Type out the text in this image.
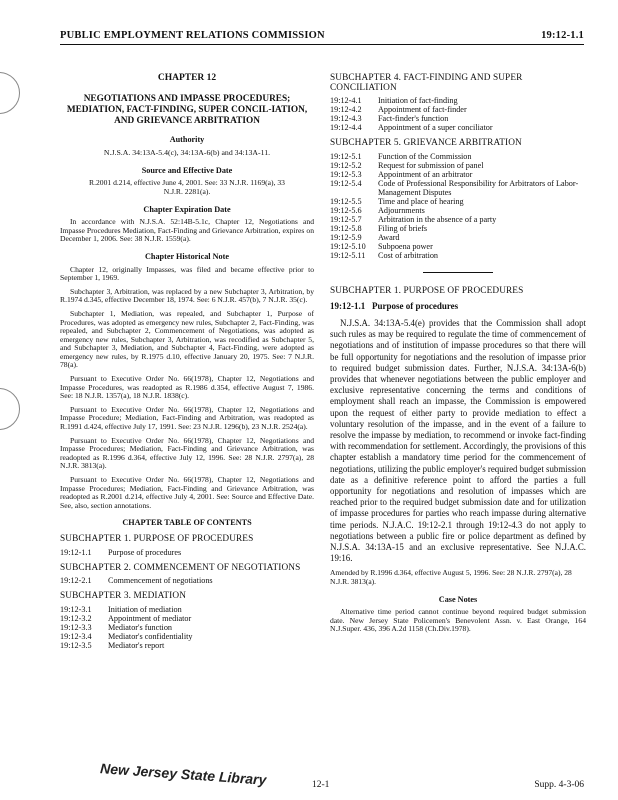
PUBLIC EMPLOYMENT RELATIONS COMMISSION	19:12-1.1
CHAPTER 12
NEGOTIATIONS AND IMPASSE PROCEDURES; MEDIATION, FACT-FINDING, SUPER CONCIL-IATION, AND GRIEVANCE ARBITRATION
Authority
N.J.S.A. 34:13A-5.4(c), 34:13A-6(b) and 34:13A-11.
Source and Effective Date
R.2001 d.214, effective June 4, 2001. See: 33 N.J.R. 1169(a), 33 N.J.R. 2281(a).
Chapter Expiration Date
In accordance with N.J.S.A. 52:14B-5.1c, Chapter 12, Negotiations and Impasse Procedures Mediation, Fact-Finding and Grievance Arbitration, expires on December 1, 2006. See: 38 N.J.R. 1559(a).
Chapter Historical Note
Chapter 12, originally Impasses, was filed and became effective prior to September 1, 1969.
Subchapter 3, Arbitration, was replaced by a new Subchapter 3, Arbitration, by R.1974 d.345, effective December 18, 1974. See: 6 N.J.R. 457(b), 7 N.J.R. 35(c).
Subchapter 1, Mediation, was repealed, and Subchapter 1, Purpose of Procedures, was adopted as emergency new rules, Subchapter 2, Fact-Finding, was repealed, and Subchapter 2, Commencement of Negotiations, was adopted as emergency new rules, Subchapter 3, Arbitration, was recodified as Subchapter 5, and Subchapter 3, Mediation, and Subchapter 4, Fact-Finding, were adopted as emergency new rules, by R.1975 d.10, effective January 20, 1975. See: 7 N.J.R. 78(a).
Pursuant to Executive Order No. 66(1978), Chapter 12, Negotiations and Impasse Procedures, was readopted as R.1986 d.354, effective August 7, 1986. See: 18 N.J.R. 1357(a), 18 N.J.R. 1838(c).
Pursuant to Executive Order No. 66(1978), Chapter 12, Negotiations and Impasse Procedure; Mediation, Fact-Finding and Arbitration, was readopted as R.1991 d.424, effective July 17, 1991. See: 23 N.J.R. 1296(b), 23 N.J.R. 2524(a).
Pursuant to Executive Order No. 66(1978), Chapter 12, Negotiations and Impasse Procedures; Mediation, Fact-Finding and Grievance Arbitration, was readopted as R.1996 d.364, effective July 12, 1996. See: 28 N.J.R. 2797(a), 28 N.J.R. 3813(a).
Pursuant to Executive Order No. 66(1978), Chapter 12, Negotiations and Impasse Procedures; Mediation, Fact-Finding and Grievance Arbitration, was readopted as R.2001 d.214, effective July 4, 2001. See: Source and Effective Date. See, also, section annotations.
CHAPTER TABLE OF CONTENTS
SUBCHAPTER 1. PURPOSE OF PROCEDURES
19:12-1.1	Purpose of procedures
SUBCHAPTER 2. COMMENCEMENT OF NEGOTIATIONS
19:12-2.1	Commencement of negotiations
SUBCHAPTER 3. MEDIATION
19:12-3.1	Initiation of mediation
19:12-3.2	Appointment of mediator
19:12-3.3	Mediator's function
19:12-3.4	Mediator's confidentiality
19:12-3.5	Mediator's report
SUBCHAPTER 4. FACT-FINDING AND SUPER CONCILIATION
19:12-4.1	Initiation of fact-finding
19:12-4.2	Appointment of fact-finder
19:12-4.3	Fact-finder's function
19:12-4.4	Appointment of a super conciliator
SUBCHAPTER 5. GRIEVANCE ARBITRATION
19:12-5.1	Function of the Commission
19:12-5.2	Request for submission of panel
19:12-5.3	Appointment of an arbitrator
19:12-5.4	Code of Professional Responsibility for Arbitrators of Labor-Management Disputes
19:12-5.5	Time and place of hearing
19:12-5.6	Adjournments
19:12-5.7	Arbitration in the absence of a party
19:12-5.8	Filing of briefs
19:12-5.9	Award
19:12-5.10	Subpoena power
19:12-5.11	Cost of arbitration
SUBCHAPTER 1. PURPOSE OF PROCEDURES
19:12-1.1 Purpose of procedures

N.J.S.A. 34:13A-5.4(e) provides that the Commission shall adopt such rules as may be required to regulate the time of commencement of negotiations and of institution of impasse procedures so that there will be full opportunity for negotiations and the resolution of impasse prior to required budget submission dates. Further, N.J.S.A. 34:13A-6(b) provides that whenever negotiations between the public employer and exclusive representative concerning the terms and conditions of employment shall reach an impasse, the Commission is empowered upon the request of either party to provide mediation to effect a voluntary resolution of the impasse, and in the event of a failure to resolve the impasse by mediation, to recommend or invoke fact-finding with recommendation for settlement. Accordingly, the provisions of this chapter establish a mandatory time period for the commencement of negotiations, utilizing the public employer's required budget submission date as a definitive reference point to afford the parties a full opportunity for negotiations and resolution of impasses which are reached prior to the required budget submission date and for utilization of impasse procedures for parties who reach impasse during alternative time periods. N.J.A.C. 19:12-2.1 through 19:12-4.3 do not apply to negotiations between a public fire or police department as defined by N.J.S.A. 34:13A-15 and an exclusive representative. See N.J.A.C. 19:16.

Amended by R.1996 d.364, effective August 5, 1996. See: 28 N.J.R. 2797(a), 28 N.J.R. 3813(a).
Case Notes
Alternative time period cannot continue beyond required budget submission date. New Jersey State Policemen's Benevolent Assn. v. East Orange, 164 N.J.Super. 436, 396 A.2d 1158 (Ch.Div.1978).
New Jersey State Library	12-1	Supp. 4-3-06
